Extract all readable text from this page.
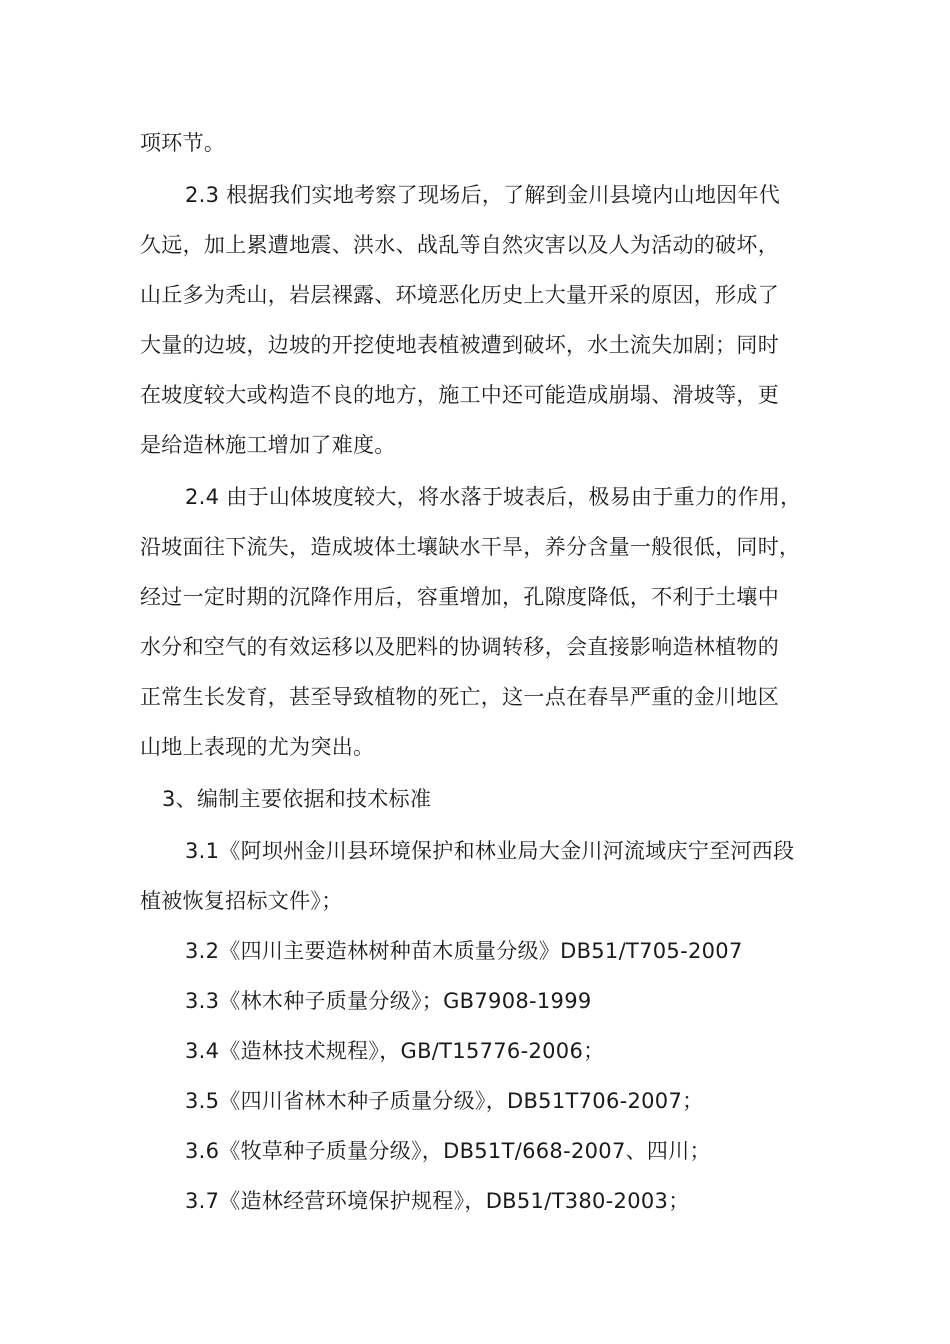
项环节。
2.3 根据我们实地考察了现场后，了解到金川县境内山地因年代
久远，加上累遭地震、洪水、战乱等自然灾害以及人为活动的破坏，
山丘多为秃山，岩层裸露、环境恶化历史上大量开采的原因，形成了
大量的边坡，边坡的开挖使地表植被遭到破坏，水土流失加剧；同时
在坡度较大或构造不良的地方，施工中还可能造成崩塌、滑坡等，更
是给造林施工增加了难度。
2.4 由于山体坡度较大，将水落于坡表后，极易由于重力的作用，
沿坡面往下流失，造成坡体土壤缺水干旱，养分含量一般很低，同时，
经过一定时期的沉降作用后，容重增加，孔隙度降低，不利于土壤中
水分和空气的有效运移以及肥料的协调转移，会直接影响造林植物的
正常生长发育，甚至导致植物的死亡，这一点在春旱严重的金川地区
山地上表现的尤为突出。
3、编制主要依据和技术标准
3.1《阿坝州金川县环境保护和林业局大金川河流域庆宁至河西段
植被恢复招标文件》；
3.2《四川主要造林树种苗木质量分级》DB51/T705-2007
3.3《林木种子质量分级》；GB7908-1999
3.4《造林技术规程》，GB/T15776-2006；
3.5《四川省林木种子质量分级》，DB51T706-2007；
3.6《牧草种子质量分级》，DB51T/668-2007、四川；
3.7《造林经营环境保护规程》，DB51/T380-2003；
